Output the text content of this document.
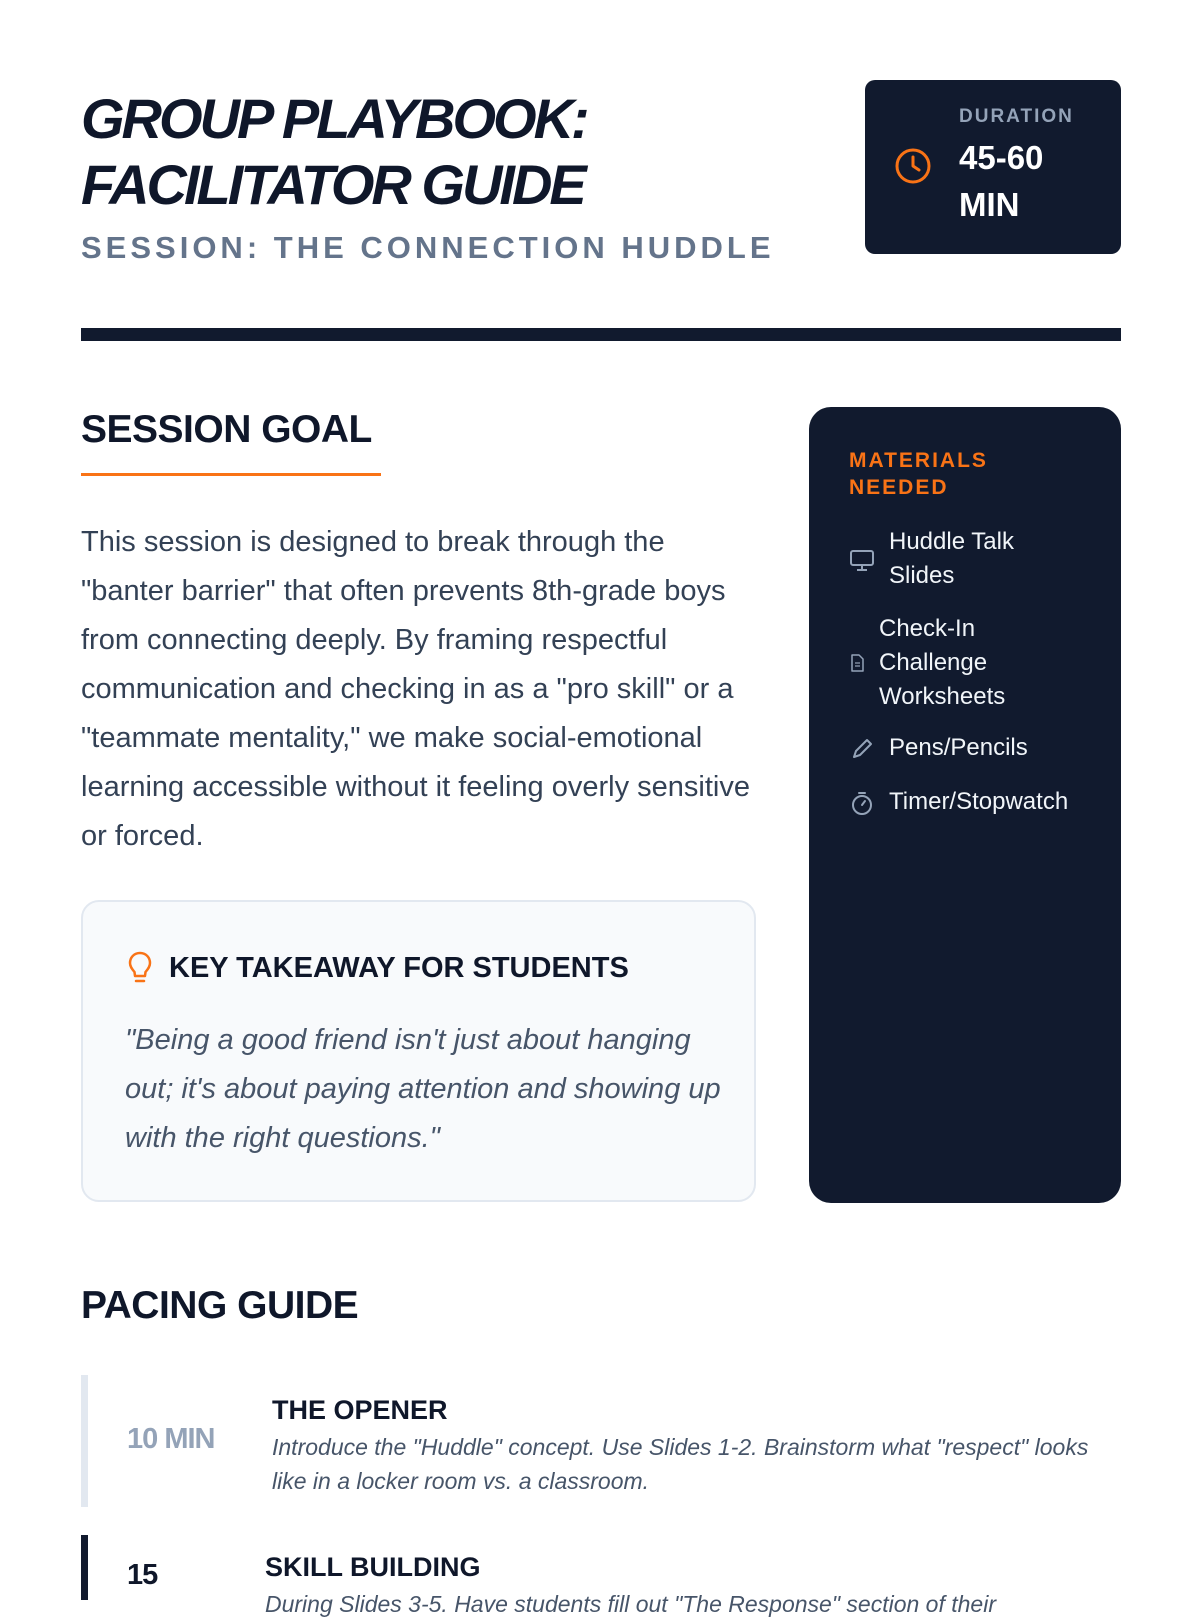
GROUP PLAYBOOK:
FACILITATOR GUIDE
SESSION: THE CONNECTION HUDDLE
DURATION
45-60 MIN
SESSION GOAL

This session is designed to break through the "banter barrier" that often prevents 8th-grade boys from connecting deeply. By framing respectful communication and checking in as a "pro skill" or a "teammate mentality," we make social-emotional learning accessible without it feeling overly sensitive or forced.

KEY TAKEAWAY FOR STUDENTS

"Being a good friend isn't just about hanging out; it's about paying attention and showing up with the right questions."

MATERIALS NEEDED
Huddle Talk Slides
Check-In Challenge Worksheets
Pens/Pencils
Timer/Stopwatch
PACING GUIDE
10 MIN
THE OPENER
Introduce the "Huddle" concept. Use Slides 1-2. Brainstorm what "respect" looks like in a locker room vs. a classroom.
15	SKILL BUILDING
During Slides 3-5. Have students fill out "The Response" section of their
